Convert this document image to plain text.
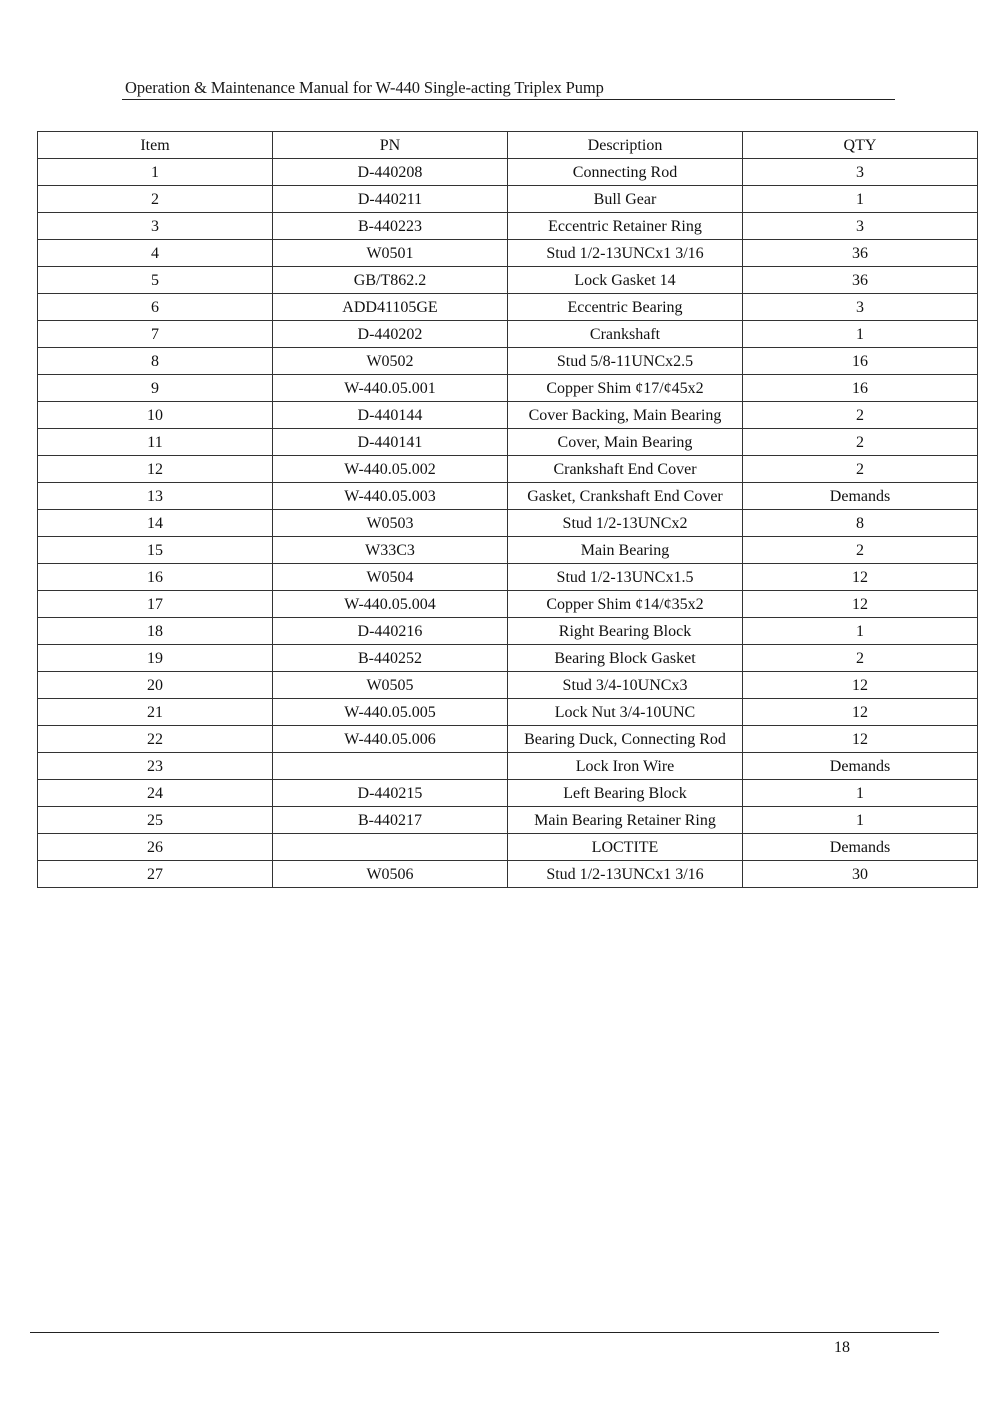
Operation & Maintenance Manual for W-440 Single-acting Triplex Pump
Item	PN	Description	QTY
1	D-440208	Connecting Rod	3
2	D-440211	Bull Gear	1
3	B-440223	Eccentric Retainer Ring	3
4	W0501	Stud 1/2-13UNCx1 3/16	36
5	GB/T862.2	Lock Gasket 14	36
6	ADD41105GE	Eccentric Bearing	3
7	D-440202	Crankshaft	1
8	W0502	Stud 5/8-11UNCx2.5	16
9	W-440.05.001	Copper Shim ¢17/¢45x2	16
10	D-440144	Cover Backing, Main Bearing	2
11	D-440141	Cover, Main Bearing	2
12	W-440.05.002	Crankshaft End Cover	2
13	W-440.05.003	Gasket, Crankshaft End Cover	Demands
14	W0503	Stud 1/2-13UNCx2	8
15	W33C3	Main Bearing	2
16	W0504	Stud 1/2-13UNCx1.5	12
17	W-440.05.004	Copper Shim ¢14/¢35x2	12
18	D-440216	Right Bearing Block	1
19	B-440252	Bearing Block Gasket	2
20	W0505	Stud 3/4-10UNCx3	12
21	W-440.05.005	Lock Nut 3/4-10UNC	12
22	W-440.05.006	Bearing Duck, Connecting Rod	12
23		Lock Iron Wire	Demands
24	D-440215	Left Bearing Block	1
25	B-440217	Main Bearing Retainer Ring	1
26		LOCTITE	Demands
27	W0506	Stud 1/2-13UNCx1 3/16	30
18
